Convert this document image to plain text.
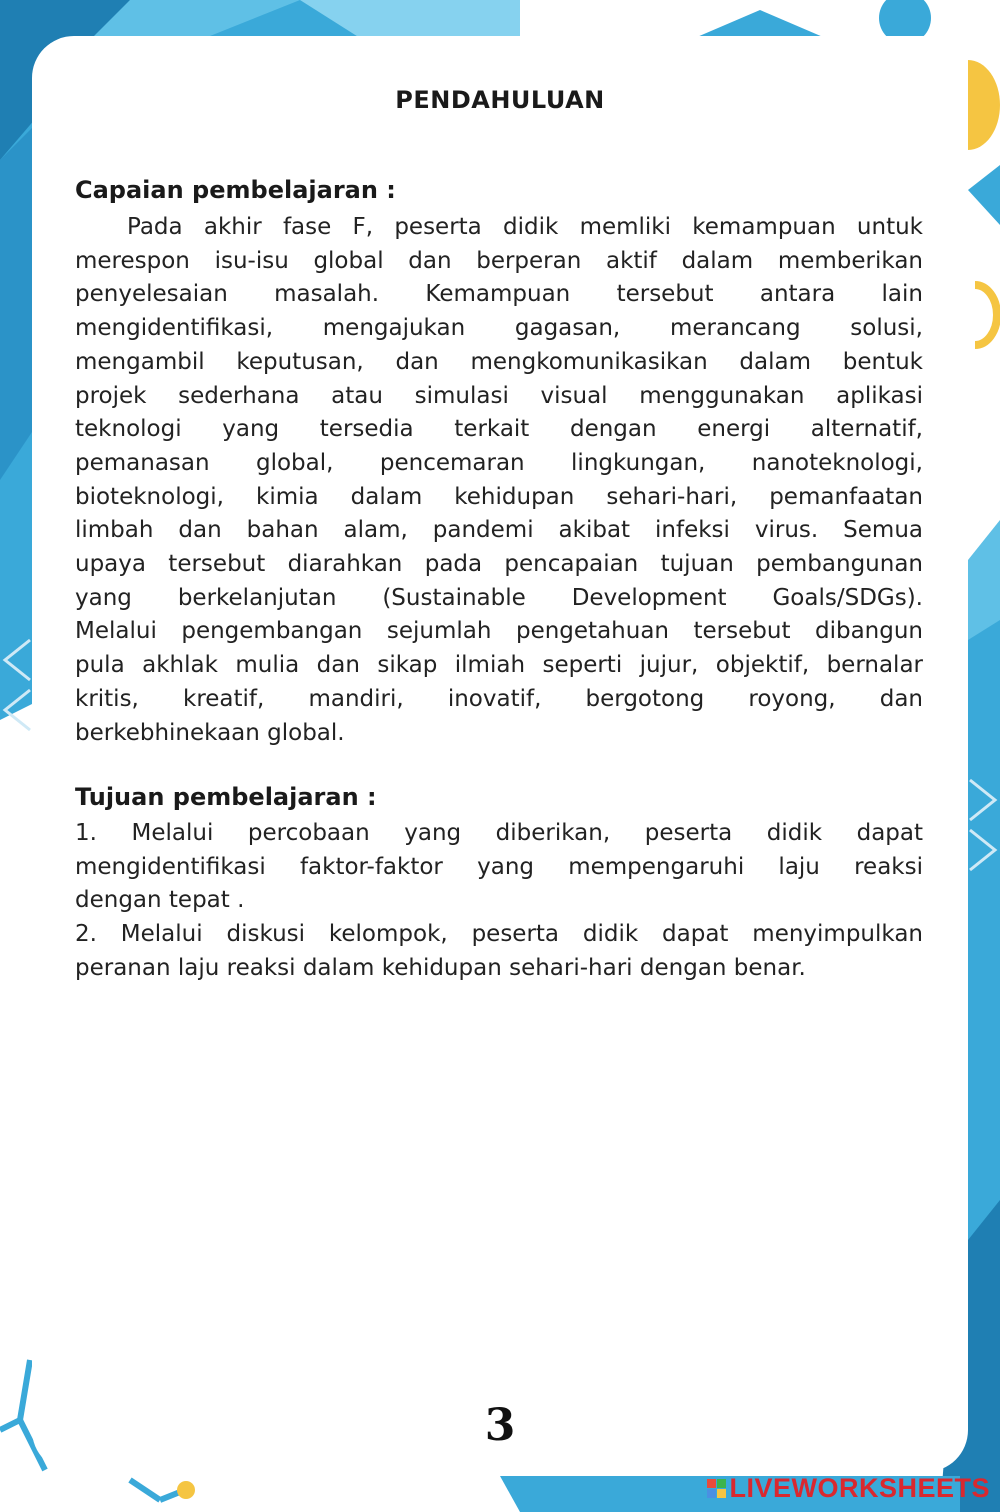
PENDAHULUAN
Capaian pembelajaran :
Pada akhir fase F, peserta didik memliki kemampuan untuk
merespon isu-isu global dan berperan aktif dalam memberikan
penyelesaian masalah. Kemampuan tersebut antara lain
mengidentifikasi, mengajukan gagasan, merancang solusi,
mengambil keputusan, dan mengkomunikasikan dalam bentuk
projek sederhana atau simulasi visual menggunakan aplikasi
teknologi yang tersedia terkait dengan energi alternatif,
pemanasan global, pencemaran lingkungan, nanoteknologi,
bioteknologi, kimia dalam kehidupan sehari-hari, pemanfaatan
limbah dan bahan alam, pandemi akibat infeksi virus. Semua
upaya tersebut diarahkan pada pencapaian tujuan pembangunan
yang berkelanjutan (Sustainable Development Goals/SDGs).
Melalui pengembangan sejumlah pengetahuan tersebut dibangun
pula akhlak mulia dan sikap ilmiah seperti jujur, objektif, bernalar
kritis, kreatif, mandiri, inovatif, bergotong royong, dan
berkebhinekaan global.
Tujuan pembelajaran :
1. Melalui percobaan yang diberikan, peserta didik dapat
mengidentifikasi faktor-faktor yang mempengaruhi laju reaksi
dengan tepat .
2. Melalui diskusi kelompok, peserta didik dapat menyimpulkan
peranan laju reaksi dalam kehidupan sehari-hari dengan benar.
3
LIVEWORKSHEETS
